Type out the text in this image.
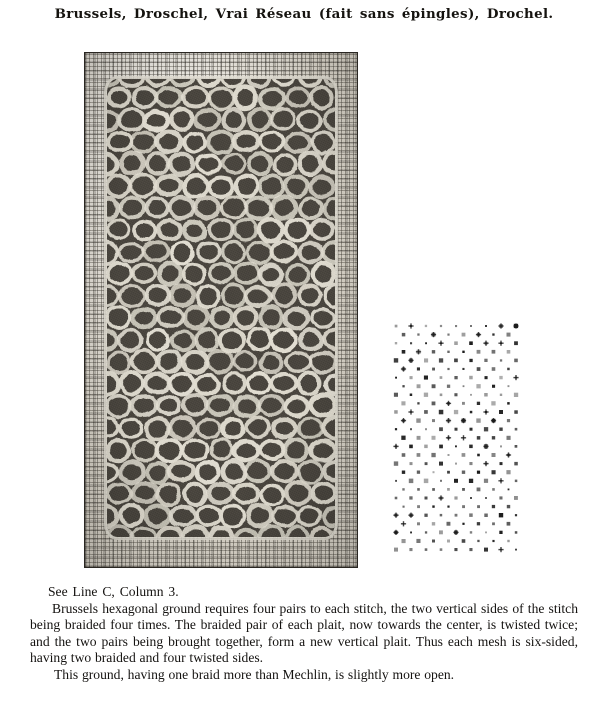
Brussels, Droschel, Vrai Réseau (fait sans épingles), Drochel.

See Line C, Column 3.

Brussels hexagonal ground requires four pairs to each stitch, the two vertical sides of the stitch being braided four times. The braided pair of each plait, now towards the center, is twisted twice; and the two pairs being brought together, form a new vertical plait. Thus each mesh is six-sided, having two braided and four twisted sides.

This ground, having one braid more than Mechlin, is slightly more open.
